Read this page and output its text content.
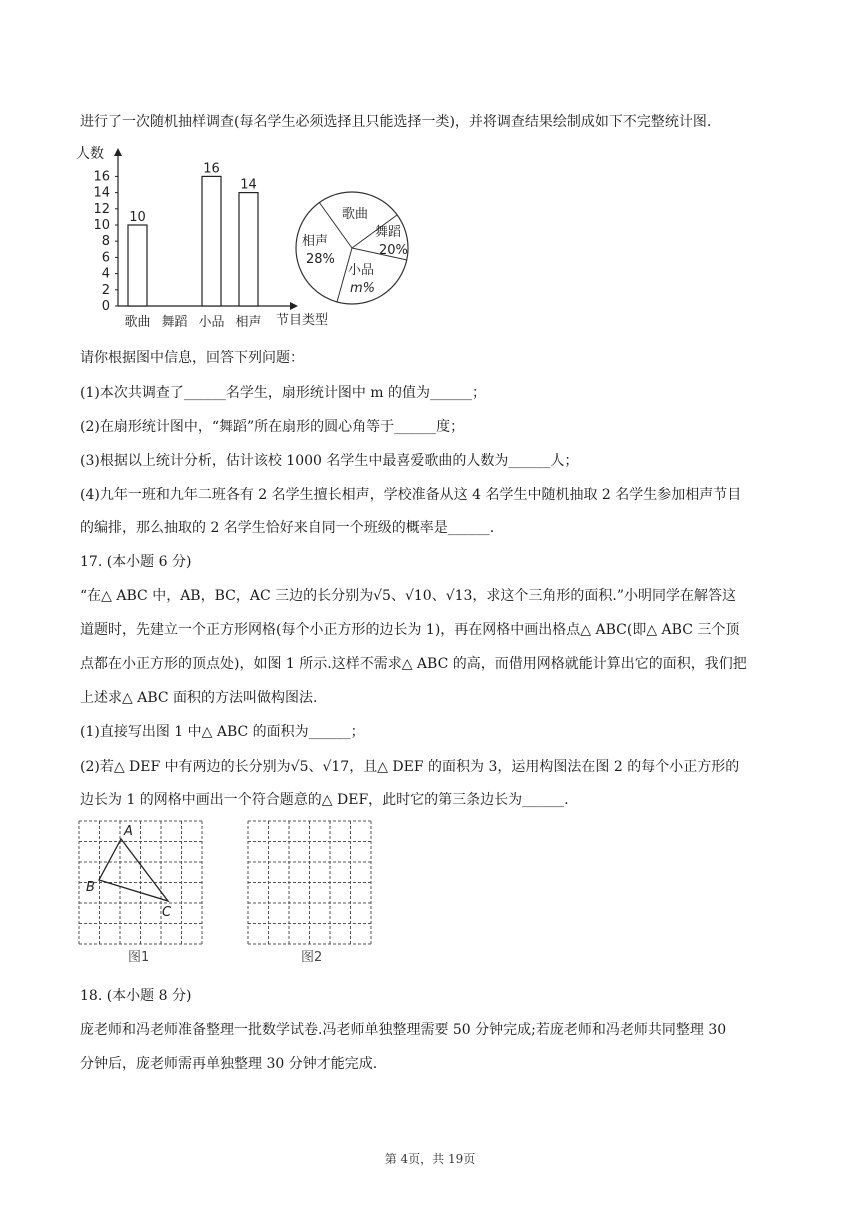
进行了一次随机抽样调查(每名学生必须选择且只能选择一类)，并将调查结果绘制成如下不完整统计图.
人数
0
2
4
6
8
10
12
14
16
10
歌曲 舞蹈
16
小品
14
相声 节目类型
歌曲
舞蹈
20%
相声
28%
小品
m%
请你根据图中信息，回答下列问题：
(1)本次共调查了______名学生，扇形统计图中 m 的值为______；
(2)在扇形统计图中，“舞蹈”所在扇形的圆心角等于______度；
(3)根据以上统计分析，估计该校 1000 名学生中最喜爱歌曲的人数为______人；
(4)九年一班和九年二班各有 2 名学生擅长相声，学校准备从这 4 名学生中随机抽取 2 名学生参加相声节目
的编排，那么抽取的 2 名学生恰好来自同一个班级的概率是______.
17. (本小题 6 分)
“在△ ABC 中，AB，BC，AC 三边的长分别为√5、√10、√13，求这个三角形的面积.”小明同学在解答这
道题时，先建立一个正方形网格(每个小正方形的边长为 1)，再在网格中画出格点△ ABC(即△ ABC 三个顶
点都在小正方形的顶点处)，如图 1 所示.这样不需求△ ABC 的高，而借用网格就能计算出它的面积，我们把
上述求△ ABC 面积的方法叫做构图法.
(1)直接写出图 1 中△ ABC 的面积为______；
(2)若△ DEF 中有两边的长分别为√5、√17，且△ DEF 的面积为 3，运用构图法在图 2 的每个小正方形的
边长为 1 的网格中画出一个符合题意的△ DEF，此时它的第三条边长为______.
A
B
C
图1	图2
18. (本小题 8 分)
庞老师和冯老师准备整理一批数学试卷.冯老师单独整理需要 50 分钟完成;若庞老师和冯老师共同整理 30
分钟后，庞老师需再单独整理 30 分钟才能完成.
第 4页，共 19页
